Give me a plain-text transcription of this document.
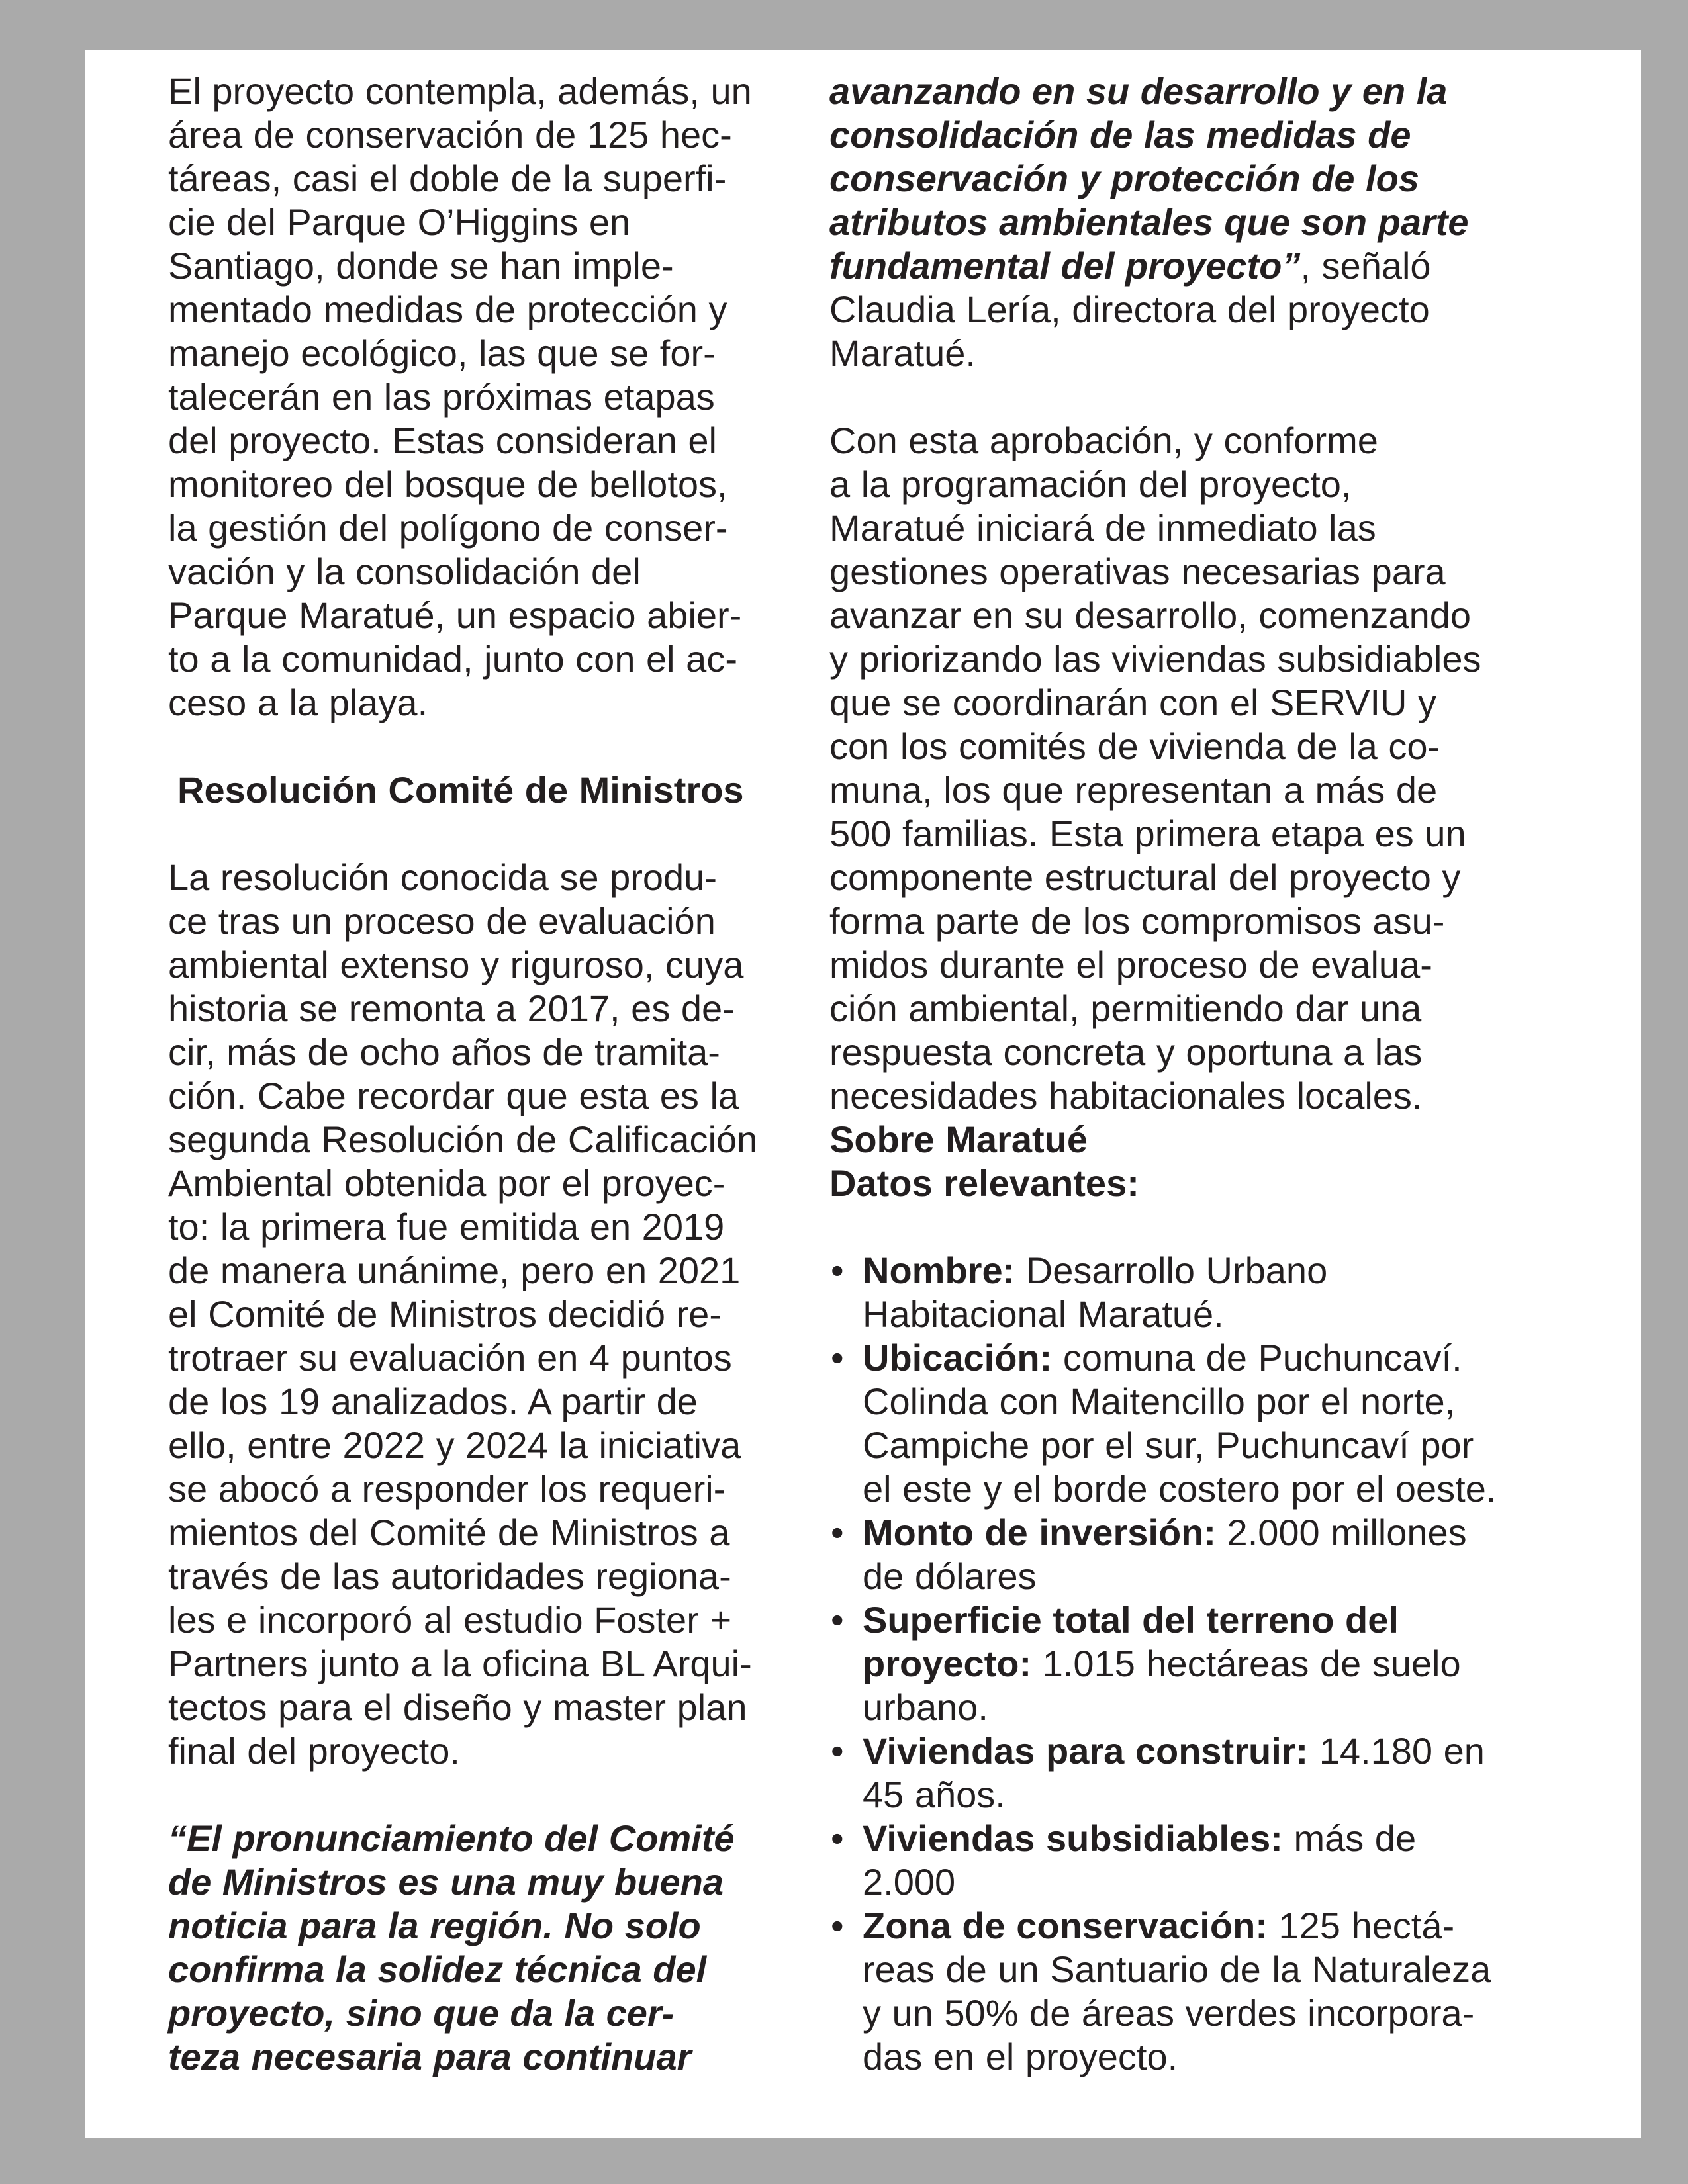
El proyecto contempla, además, un
área de conservación de 125 hec-
táreas, casi el doble de la superfi-
cie del Parque O’Higgins en
Santiago, donde se han imple-
mentado medidas de protección y
manejo ecológico, las que se for-
talecerán en las próximas etapas
del proyecto. Estas consideran el
monitoreo del bosque de bellotos,
la gestión del polígono de conser-
vación y la consolidación del
Parque Maratué, un espacio abier-
to a la comunidad, junto con el ac-
ceso a la playa.
Resolución Comité de Ministros
La resolución conocida se produ-
ce tras un proceso de evaluación
ambiental extenso y riguroso, cuya
historia se remonta a 2017, es de-
cir, más de ocho años de tramita-
ción. Cabe recordar que esta es la
segunda Resolución de Calificación
Ambiental obtenida por el proyec-
to: la primera fue emitida en 2019
de manera unánime, pero en 2021
el Comité de Ministros decidió re-
trotraer su evaluación en 4 puntos
de los 19 analizados. A partir de
ello, entre 2022 y 2024 la iniciativa
se abocó a responder los requeri-
mientos del Comité de Ministros a
través de las autoridades regiona-
les e incorporó al estudio Foster +
Partners junto a la oficina BL Arqui-
tectos para el diseño y master plan
final del proyecto.
“El pronunciamiento del Comité
de Ministros es una muy buena
noticia para la región. No solo
confirma la solidez técnica del
proyecto, sino que da la cer-
teza necesaria para continuar
avanzando en su desarrollo y en la
consolidación de las medidas de
conservación y protección de los
atributos ambientales que son parte
fundamental del proyecto”, señaló
Claudia Lería, directora del proyecto
Maratué.
Con esta aprobación, y conforme
a la programación del proyecto,
Maratué iniciará de inmediato las
gestiones operativas necesarias para
avanzar en su desarrollo, comenzando
y priorizando las viviendas subsidiables
que se coordinarán con el SERVIU y
con los comités de vivienda de la co-
muna, los que representan a más de
500 familias. Esta primera etapa es un
componente estructural del proyecto y
forma parte de los compromisos asu-
midos durante el proceso de evalua-
ción ambiental, permitiendo dar una
respuesta concreta y oportuna a las
necesidades habitacionales locales.
Sobre Maratué
Datos relevantes:
• Nombre: Desarrollo Urbano
Habitacional Maratué.
• Ubicación: comuna de Puchuncaví.
Colinda con Maitencillo por el norte,
Campiche por el sur, Puchuncaví por
el este y el borde costero por el oeste.
• Monto de inversión: 2.000 millones
de dólares
• Superficie total del terreno del
proyecto: 1.015 hectáreas de suelo
urbano.
• Viviendas para construir: 14.180 en
45 años.
• Viviendas subsidiables: más de
2.000
• Zona de conservación: 125 hectá-
reas de un Santuario de la Naturaleza
y un 50% de áreas verdes incorpora-
das en el proyecto.
